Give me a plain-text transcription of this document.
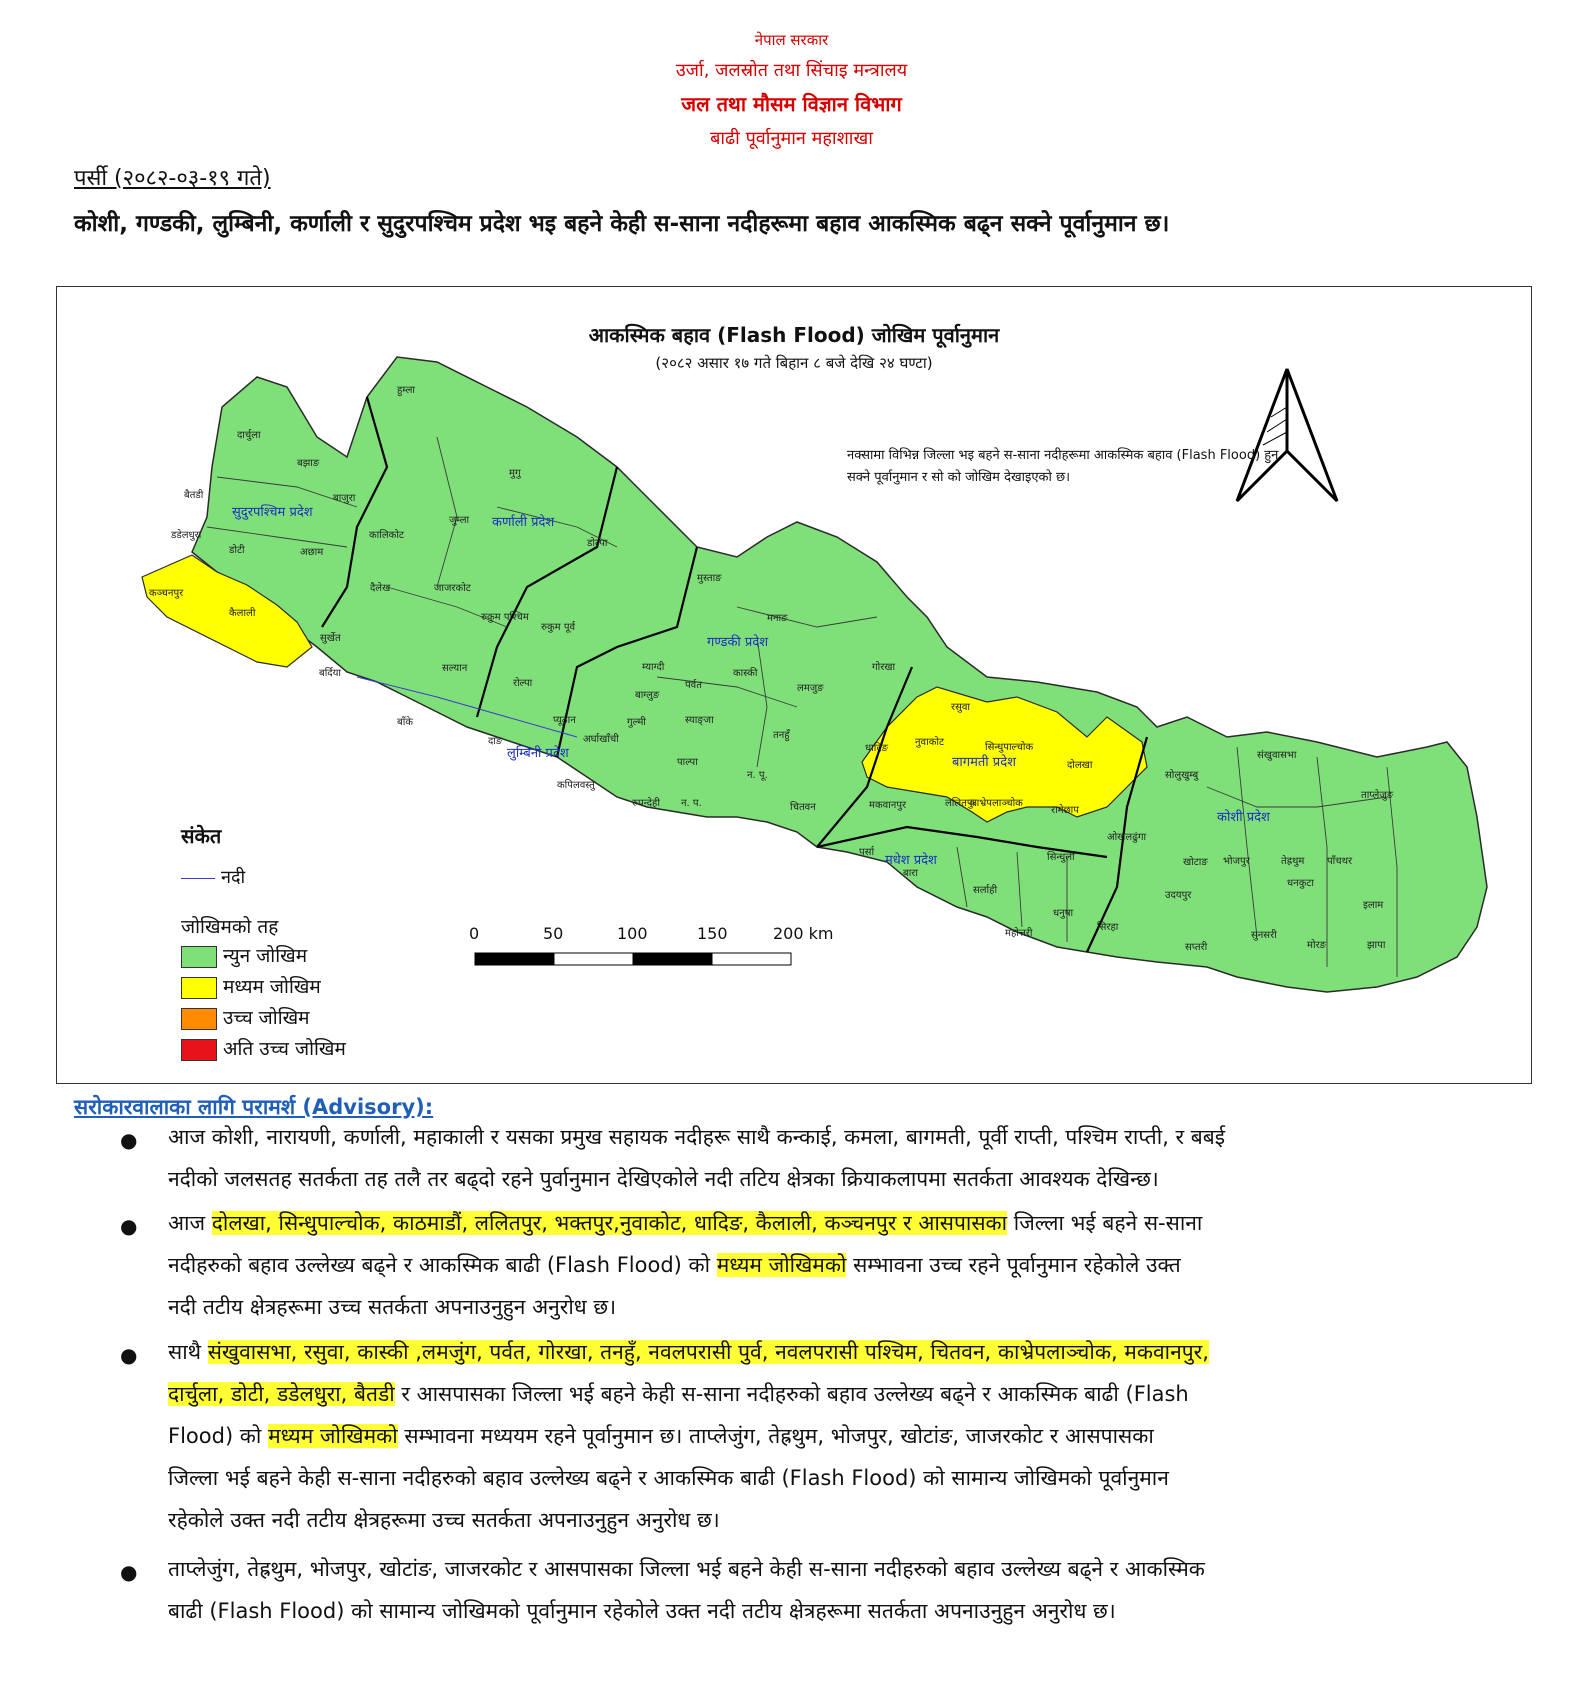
नेपाल सरकार
उर्जा, जलस्रोत तथा सिंचाइ मन्त्रालय
जल तथा मौसम विज्ञान विभाग
बाढी पूर्वानुमान महाशाखा
पर्सी (२०८२-०३-१९ गते)
कोशी, गण्डकी, लुम्बिनी, कर्णाली र सुदुरपश्चिम प्रदेश भइ बहने केही स-साना नदीहरूमा बहाव आकस्मिक बढ्न सक्ने पूर्वानुमान छ।
आकस्मिक बहाव (Flash Flood) जोखिम पूर्वानुमान
(२०८२ असार १७ गते बिहान ८ बजे देखि २४ घण्टा)
नक्सामा विभिन्न जिल्ला भइ बहने स-साना नदीहरूमा आकस्मिक बहाव (Flash Flood) हुन सक्ने पूर्वानुमान र सो को जोखिम देखाइएको छ।
सुदुरपश्चिम प्रदेश
कर्णाली प्रदेश
गण्डकी प्रदेश
लुम्बिनी प्रदेश
बागमती प्रदेश
मधेश प्रदेश
कोशी प्रदेश
हुम्ला
दार्चुला
बझाङ
मुगु
बैतडी	बाजुरा
डडेलधुरा
जुम्ला
डोटी	अछाम
कालिकोट
डोल्पा
कञ्चनपुर
कैलाली
दैलेख	जाजरकोट
मुस्ताङ
सुर्खेत
रुकुम पश्चिम
रुकुम पूर्व
मनाङ
म्याग्दी
सल्यान
बर्दिया
रोल्पा
कास्की
गोरखा
लमजुङ
बाँके	प्यूठान	गुल्मी
रसुवा
दाङ	अर्घाखाँची	तनहुँ
धादिङ
नुवाकोट	सिन्धुपाल्चोक
दोलखा
कपिलवस्तु
पाल्पा
रुपन्देही	चितवन	मकवानपुर
सोलुखुम्बु
संखुवासभा
ताप्लेजुङ
ओखलढुंगा
खोटाङ भोजपुर	तेह्रथुम पाँचथर
पर्सा
बारा
सर्लाही
सिन्धुली
उदयपुर
धनकुटा
इलाम
महोत्तरी
धनुषा
सिरहा
सप्तरी
सुनसरी
मोरङ	झापा
रामेछाप
काभ्रेपलाञ्चोक
ललितपुर
स्याङ्जा
पर्वत
बाग्लुङ
न. पू.
न. प.
संकेत
नदी
जोखिमको तह
न्युन जोखिम
मध्यम जोखिम
उच्च जोखिम
अति उच्च जोखिम
0	50	100	150	200 km
सरोकारवालाका लागि परामर्श (Advisory):
● आज कोशी, नारायणी, कर्णाली, महाकाली र यसका प्रमुख सहायक नदीहरू साथै कन्काई, कमला, बागमती, पूर्वी राप्ती, पश्चिम राप्ती, र बबई
नदीको जलसतह सतर्कता तह तलै तर बढ्दो रहने पुर्वानुमान देखिएकोले नदी तटिय क्षेत्रका क्रियाकलापमा सतर्कता आवश्यक देखिन्छ।
● आज दोलखा, सिन्धुपाल्चोक, काठमाडौं, ललितपुर, भक्तपुर,नुवाकोट, धादिङ, कैलाली, कञ्चनपुर र आसपासका जिल्ला भई बहने स-साना
नदीहरुको बहाव उल्लेख्य बढ्ने र आकस्मिक बाढी (Flash Flood) को मध्यम जोखिमको सम्भावना उच्च रहने पूर्वानुमान रहेकोले उक्त
नदी तटीय क्षेत्रहरूमा उच्च सतर्कता अपनाउनुहुन अनुरोध छ।
● साथै संखुवासभा, रसुवा, कास्की ,लमजुंग, पर्वत, गोरखा, तनहुँ, नवलपरासी पुर्व, नवलपरासी पश्चिम, चितवन, काभ्रेपलाञ्चोक, मकवानपुर,
दार्चुला, डोटी, डडेलधुरा, बैतडी र आसपासका जिल्ला भई बहने केही स-साना नदीहरुको बहाव उल्लेख्य बढ्ने र आकस्मिक बाढी (Flash
Flood) को मध्यम जोखिमको सम्भावना मध्ययम रहने पूर्वानुमान छ। ताप्लेजुंग, तेह्रथुम, भोजपुर, खोटांङ, जाजरकोट र आसपासका
जिल्ला भई बहने केही स-साना नदीहरुको बहाव उल्लेख्य बढ्ने र आकस्मिक बाढी (Flash Flood) को सामान्य जोखिमको पूर्वानुमान
रहेकोले उक्त नदी तटीय क्षेत्रहरूमा उच्च सतर्कता अपनाउनुहुन अनुरोध छ।
● ताप्लेजुंग, तेह्रथुम, भोजपुर, खोटांङ, जाजरकोट र आसपासका जिल्ला भई बहने केही स-साना नदीहरुको बहाव उल्लेख्य बढ्ने र आकस्मिक
बाढी (Flash Flood) को सामान्य जोखिमको पूर्वानुमान रहेकोले उक्त नदी तटीय क्षेत्रहरूमा सतर्कता अपनाउनुहुन अनुरोध छ।
